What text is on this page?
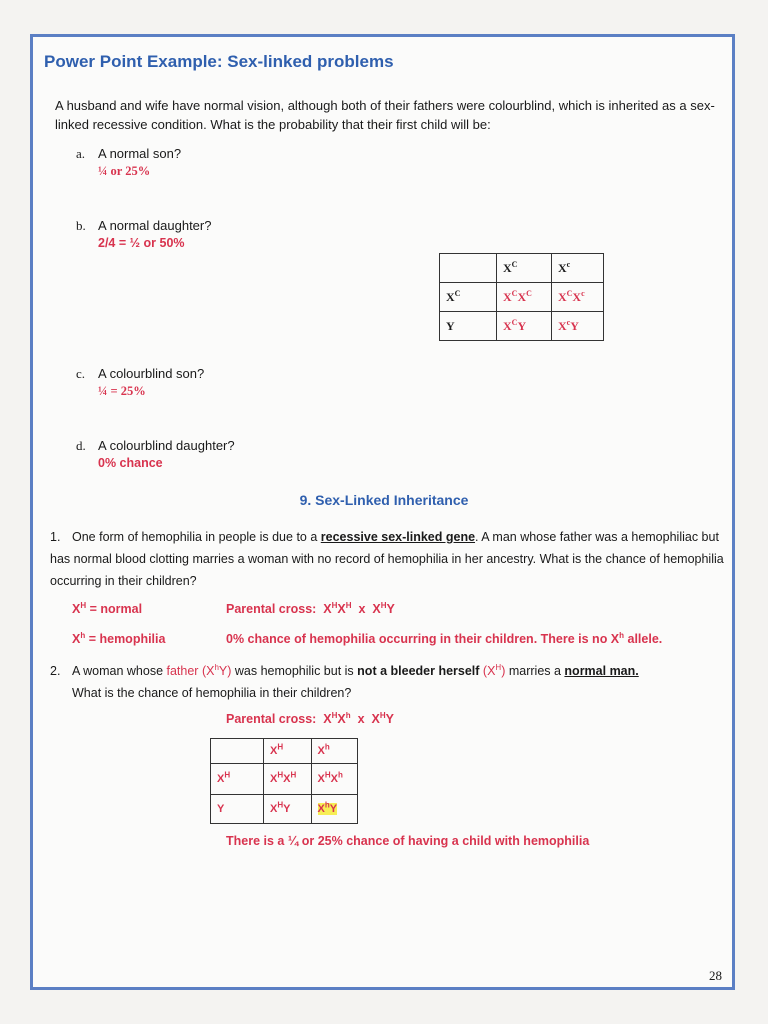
Power Point Example: Sex-linked problems
A husband and wife have normal vision, although both of their fathers were colourblind, which is inherited as a sex-linked recessive condition. What is the probability that their first child will be:
a. A normal son?
¼ or 25%
b. A normal daughter?
2/4 = ½ or 50%
	$X^C$	$X^c$
$X^C$	$X^CX^C$	$X^CX^c$
Y	$X^CY$	$X^cY$
c. A colourblind son?
¼ = 25%
d. A colourblind daughter?
0% chance
9. Sex-Linked Inheritance
1. One form of hemophilia in people is due to a recessive sex-linked gene. A man whose father was a hemophiliac but has normal blood clotting marries a woman with no record of hemophilia in her ancestry. What is the chance of hemophilia occurring in their children?
$X^H$ = normal	Parental cross:  $X^HX^H$  x  $X^HY$
$X^h$ = hemophilia	0% chance of hemophilia occurring in their children. There is no $X^h$ allele.
2. A woman whose father $(X^hY)$ was hemophilic but is not a bleeder herself $(X^H)$ marries a normal man.
What is the chance of hemophilia in their children?
Parental cross:  $X^HX^h$  x  $X^HY$
	$X^H$	$X^h$
$X^H$	$X^HX^H$	$X^HX^h$
Y	$X^HY$	$X^hY$
There is a ¼ or 25% chance of having a child with hemophilia
28
